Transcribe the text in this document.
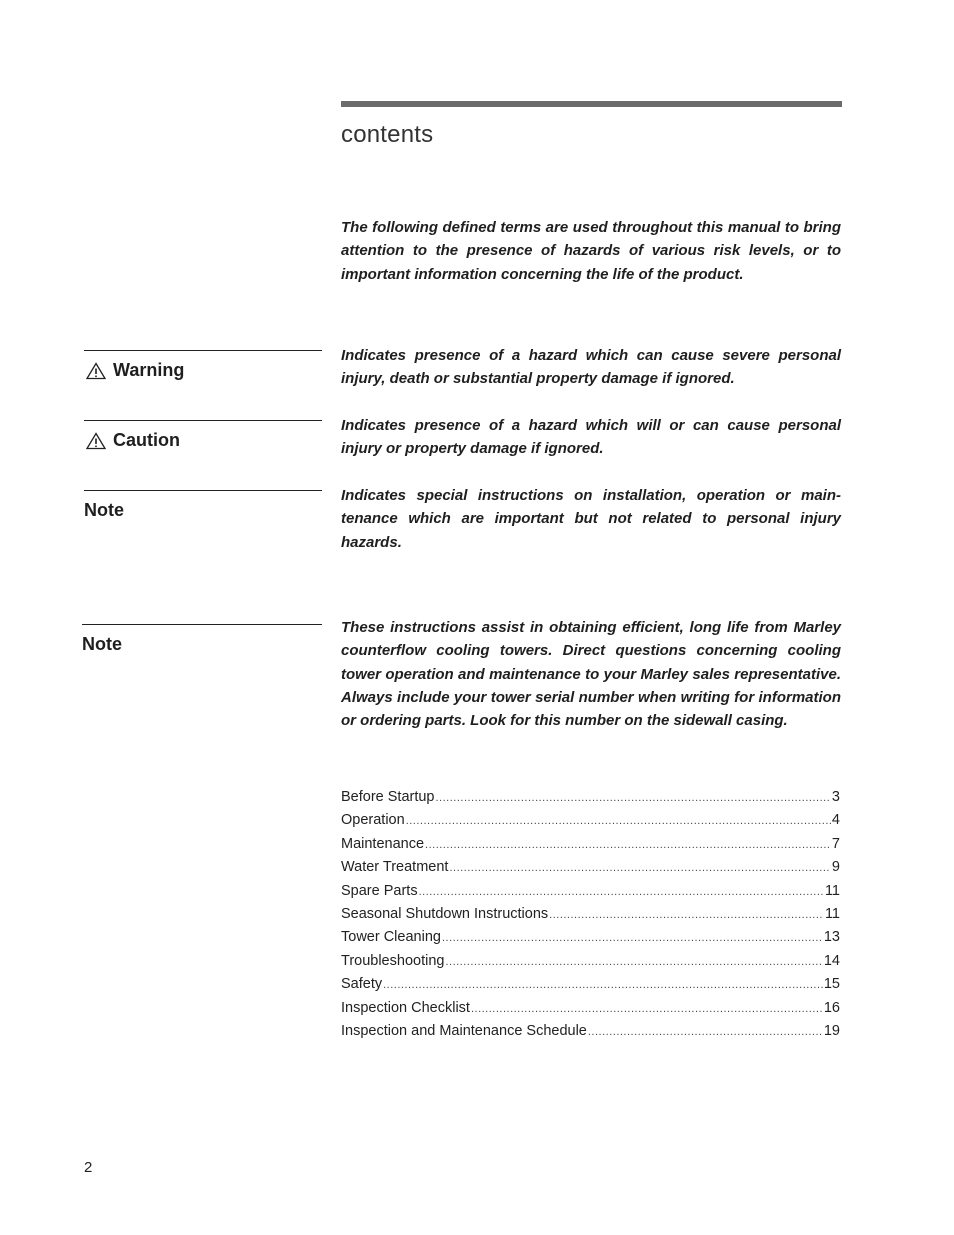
contents
The following defined terms are used throughout this manual to bring attention to the presence of hazards of various risk levels, or to important information concerning the life of the product.
Warning
Indicates presence of a hazard which can cause severe personal injury, death or substantial property damage if ignored.
Caution
Indicates presence of a hazard which will or can cause personal injury or property damage if ignored.
Note
Indicates special instructions on installation, operation or main-tenance which are important but not related to personal injury hazards.
Note
These instructions assist in obtaining efficient, long life from Marley counterflow cooling towers. Direct questions concerning cooling tower operation and maintenance to your Marley sales representative. Always include your tower serial number when writing for information or ordering parts. Look for this number on the sidewall casing.
Before Startup .....	3
Operation .....	4
Maintenance .....	7
Water Treatment .....	9
Spare Parts .....	11
Seasonal Shutdown Instructions .....	11
Tower Cleaning .....	13
Troubleshooting .....	14
Safety .....	15
Inspection Checklist .....	16
Inspection and Maintenance Schedule .....	19
2
